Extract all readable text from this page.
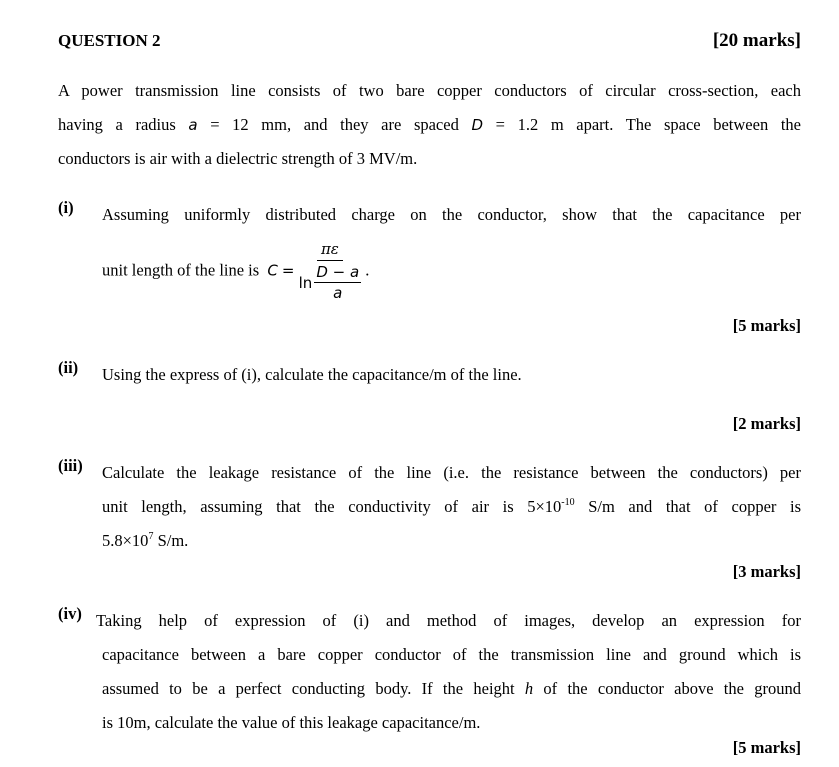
QUESTION 2	[20 marks]
A power transmission line consists of two bare copper conductors of circular cross-section, each
having a radius a = 12 mm, and they are spaced D = 1.2 m apart. The space between the
conductors is air with a dielectric strength of 3 MV/m.
(i) Assuming uniformly distributed charge on the conductor, show that the capacitance per
unit length of the line is $C = \frac{\pi\varepsilon}{\ln \frac{D - a}{a}}$ .
[5 marks]
(ii) Using the express of (i), calculate the capacitance/m of the line.
[2 marks]
(iii) Calculate the leakage resistance of the line (i.e. the resistance between the conductors) per
unit length, assuming that the conductivity of air is $5\times 10^{-10}$ S/m and that of copper is
$5.8\times 10^7$ S/m.
[3 marks]
(iv) Taking help of expression of (i) and method of images, develop an expression for
capacitance between a bare copper conductor of the transmission line and ground which is
assumed to be a perfect conducting body. If the height h of the conductor above the ground
is 10m, calculate the value of this leakage capacitance/m.
[5 marks]
